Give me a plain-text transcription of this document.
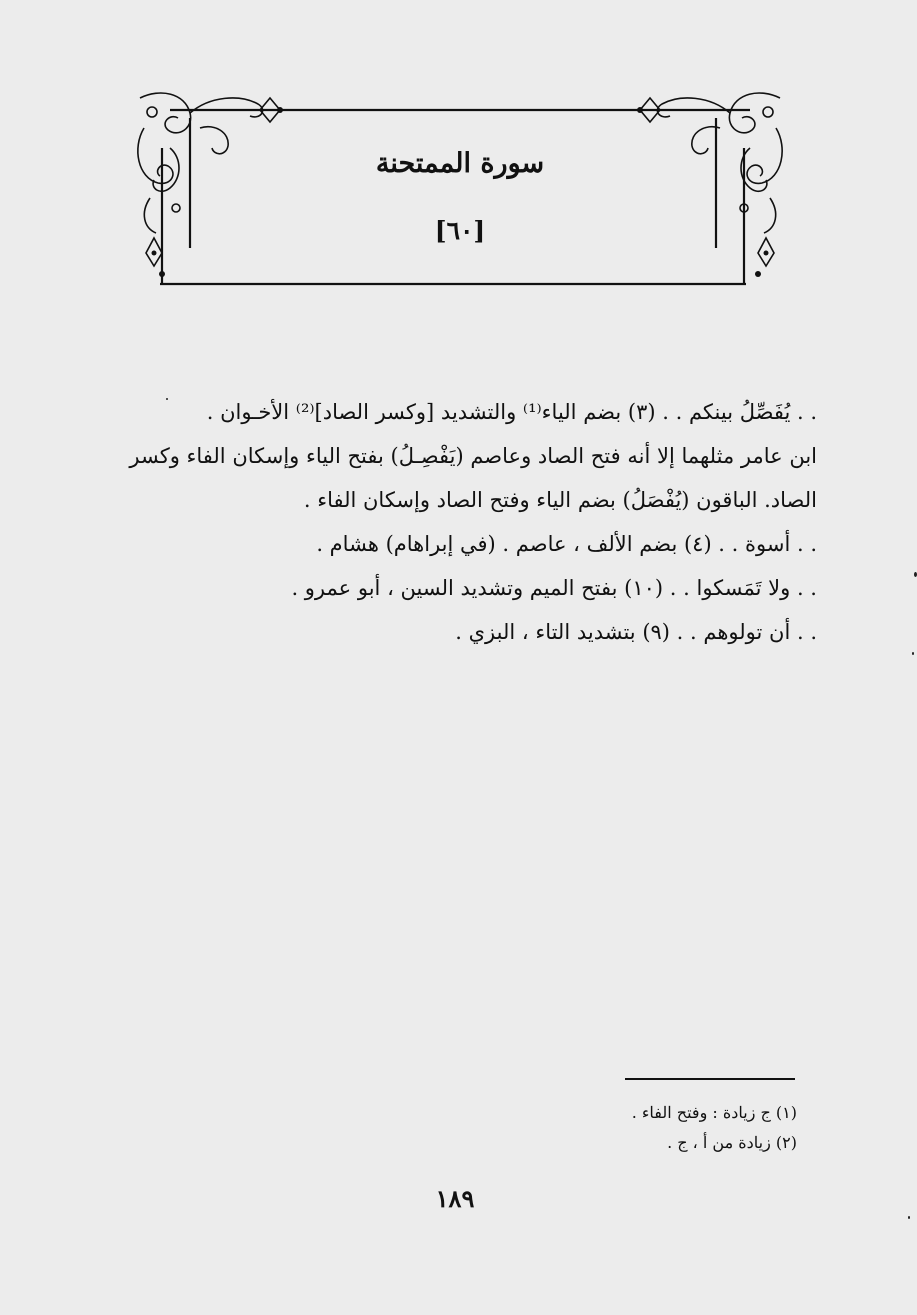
سورة الممتحنة
[٦٠]

. . يُفَصِّلُ بينكم . . (٣) بضم الياء⁽¹⁾ والتشديد [وكسر الصاد]⁽²⁾ الأخـوان .

ابن عامر مثلهما إلا أنه فتح الصاد وعاصم (يَفْصِـلُ) بفتح الياء وإسكان الفاء وكسر

الصاد. الباقون (يُفْصَلُ) بضم الياء وفتح الصاد وإسكان الفاء .

. . أسوة . . (٤) بضم الألف ، عاصم . (في إبراهام) هشام .

. . ولا تَمَسكوا . . (١٠) بفتح الميم وتشديد السين ، أبو عمرو .

. . أن تولوهم . . (٩) بتشديد التاء ، البزي .

(١) ج زيادة : وفتح الفاء .
(٢) زيادة من أ ، ج .
١٨٩
